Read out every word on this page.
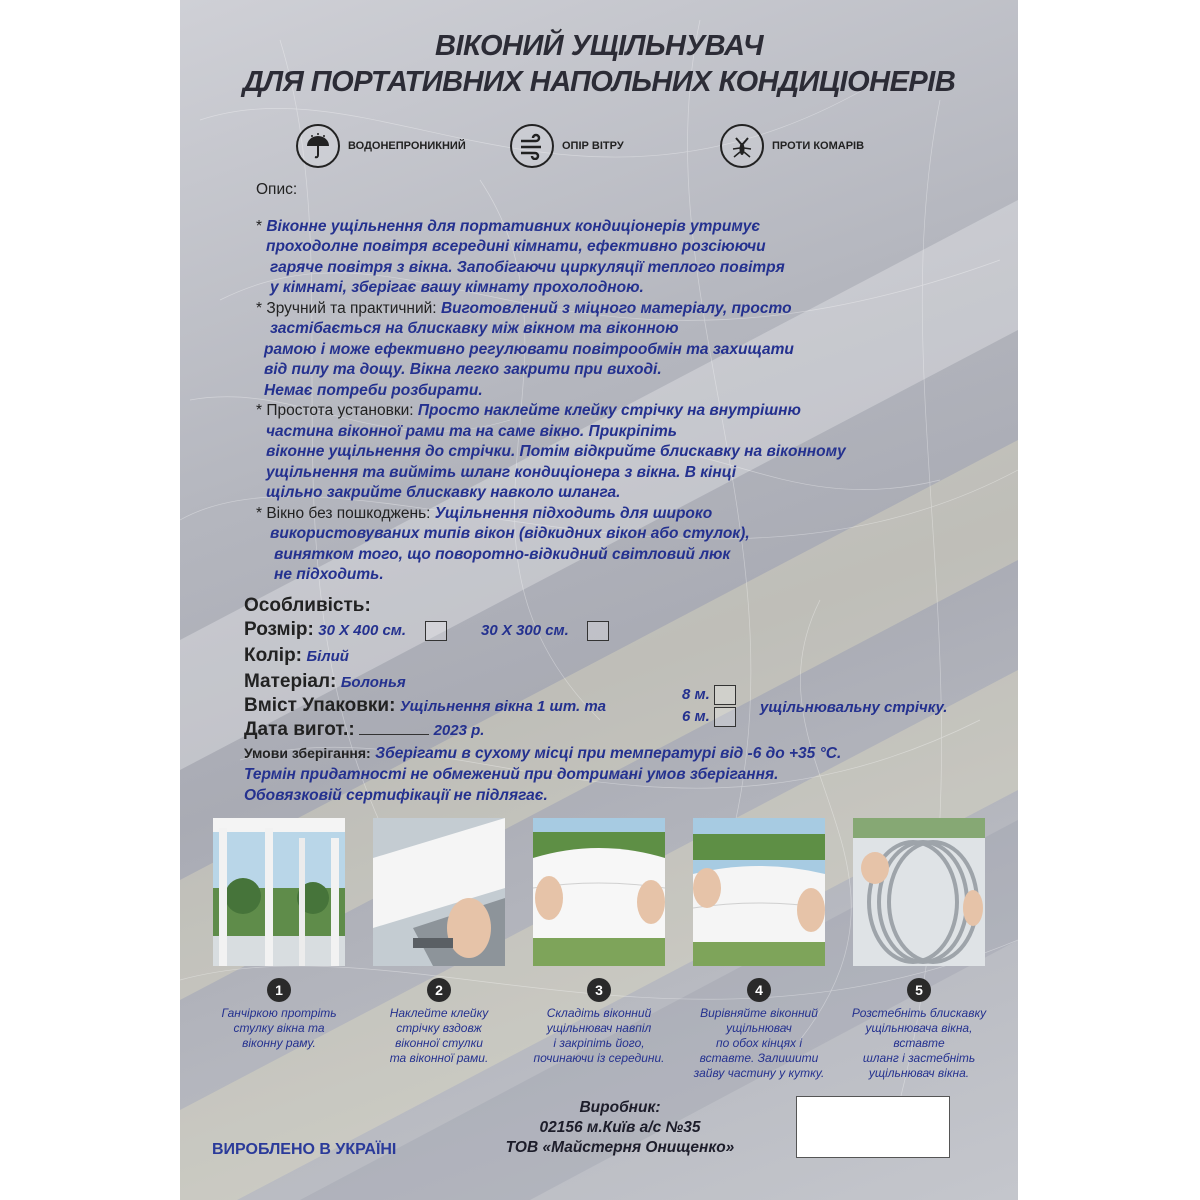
ВІКОНИЙ УЩІЛЬНУВАЧ
ДЛЯ ПОРТАТИВНИХ НАПОЛЬНИХ КОНДИЦІОНЕРІВ
ВОДОНЕПРОНИКНИЙ	ОПІР ВІТРУ	ПРОТИ КОМАРІВ
Опис:
* Віконне ущільнення для портативних кондиціонерів утримує
проходолне повітря всередині кімнати, ефективно розсіюючи
гаряче повітря з вікна. Запобігаючи циркуляції теплого повітря
у кімнаті, зберігає вашу кімнату прохолодною.
* Зручний та практичний: Виготовлений з міцного матеріалу, просто
застібається на блискавку між вікном та віконною
рамою і може ефективно регулювати повітрообмін та захищати
від пилу та дощу. Вікна легко закрити при виході.
Немає потреби розбирати.
* Простота установки: Просто наклейте клейку стрічку на внутрішню
частина віконної рами та на саме вікно. Прикріпіть
віконне ущільнення до стрічки. Потім відкрийте блискавку на віконному
ущільнення та вийміть шланг кондиціонера з вікна. В кінці
щільно закрийте блискавку навколо шланга.
* Вікно без пошкоджень: Ущільнення підходить для широко
використовуваних типів вікон (відкидних вікон або стулок),
винятком того, що поворотно-відкидний світловий люк
не підходить.
Особливість:
Розмір: 30 X 400 см.	30 X 300 см.
Колір: Білий
Матеріал: Болонья
Вміст Упаковки: Ущільнення вікна 1 шт. та
8 м.
6 м.
ущільнювальну стрічку.
Дата вигот.:	2023 р.
Умови зберігання: Зберігати в сухому місці при температурі від -6 до +35 °С.
Термін придатності не обмежений при дотримані умов зберігання.
Обовязковій сертифікації не підлягає.
1
Ганчіркою протріть
стулку вікна та
віконну раму.
2
Наклейте клейку
стрічку вздовж
віконної стулки
та віконної рами.
3
Складіть віконний
ущільнювач навпіл
і закріпіть його,
починаючи із середини.
4
Вирівняйте віконний
ущільнювач
по обох кінцях і
вставте. Залишити
зайву частину у кутку.
5
Розстебніть блискавку
ущільнювача вікна,
вставте
шланг і застебніть
ущільнювач вікна.
Виробник:
02156 м.Київ а/с №35
ТОВ «Майстерня Онищенко»
ВИРОБЛЕНО В УКРАЇНІ
